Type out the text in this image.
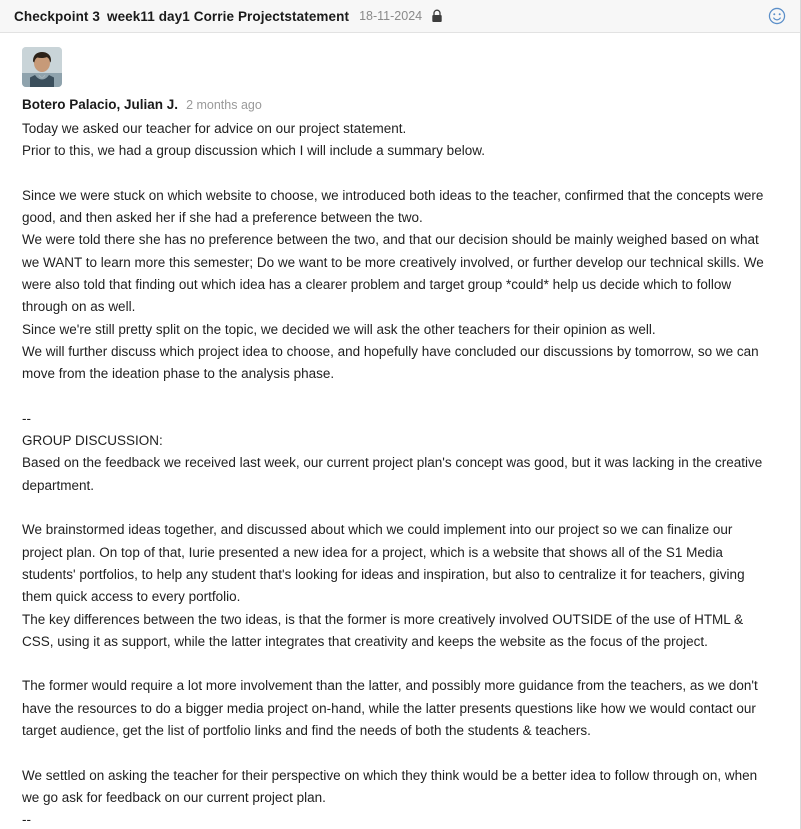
Checkpoint 3 week11 day1 Corrie Projectstatement 18-11-2024
Botero Palacio, Julian J. 2 months ago

Today we asked our teacher for advice on our project statement.

Prior to this, we had a group discussion which I will include a summary below.

Since we were stuck on which website to choose, we introduced both ideas to the teacher, confirmed that the concepts were good, and then asked her if she had a preference between the two.

We were told there she has no preference between the two, and that our decision should be mainly weighed based on what we WANT to learn more this semester; Do we want to be more creatively involved, or further develop our technical skills. We were also told that finding out which idea has a clearer problem and target group *could* help us decide which to follow through on as well.

Since we're still pretty split on the topic, we decided we will ask the other teachers for their opinion as well.

We will further discuss which project idea to choose, and hopefully have concluded our discussions by tomorrow, so we can move from the ideation phase to the analysis phase.

--

GROUP DISCUSSION:

Based on the feedback we received last week, our current project plan's concept was good, but it was lacking in the creative department.

We brainstormed ideas together, and discussed about which we could implement into our project so we can finalize our project plan. On top of that, Iurie presented a new idea for a project, which is a website that shows all of the S1 Media students' portfolios, to help any student that's looking for ideas and inspiration, but also to centralize it for teachers, giving them quick access to every portfolio.

The key differences between the two ideas, is that the former is more creatively involved OUTSIDE of the use of HTML & CSS, using it as support, while the latter integrates that creativity and keeps the website as the focus of the project.

The former would require a lot more involvement than the latter, and possibly more guidance from the teachers, as we don't have the resources to do a bigger media project on-hand, while the latter presents questions like how we would contact our target audience, get the list of portfolio links and find the needs of both the students & teachers.

We settled on asking the teacher for their perspective on which they think would be a better idea to follow through on, when we go ask for feedback on our current project plan.

--
